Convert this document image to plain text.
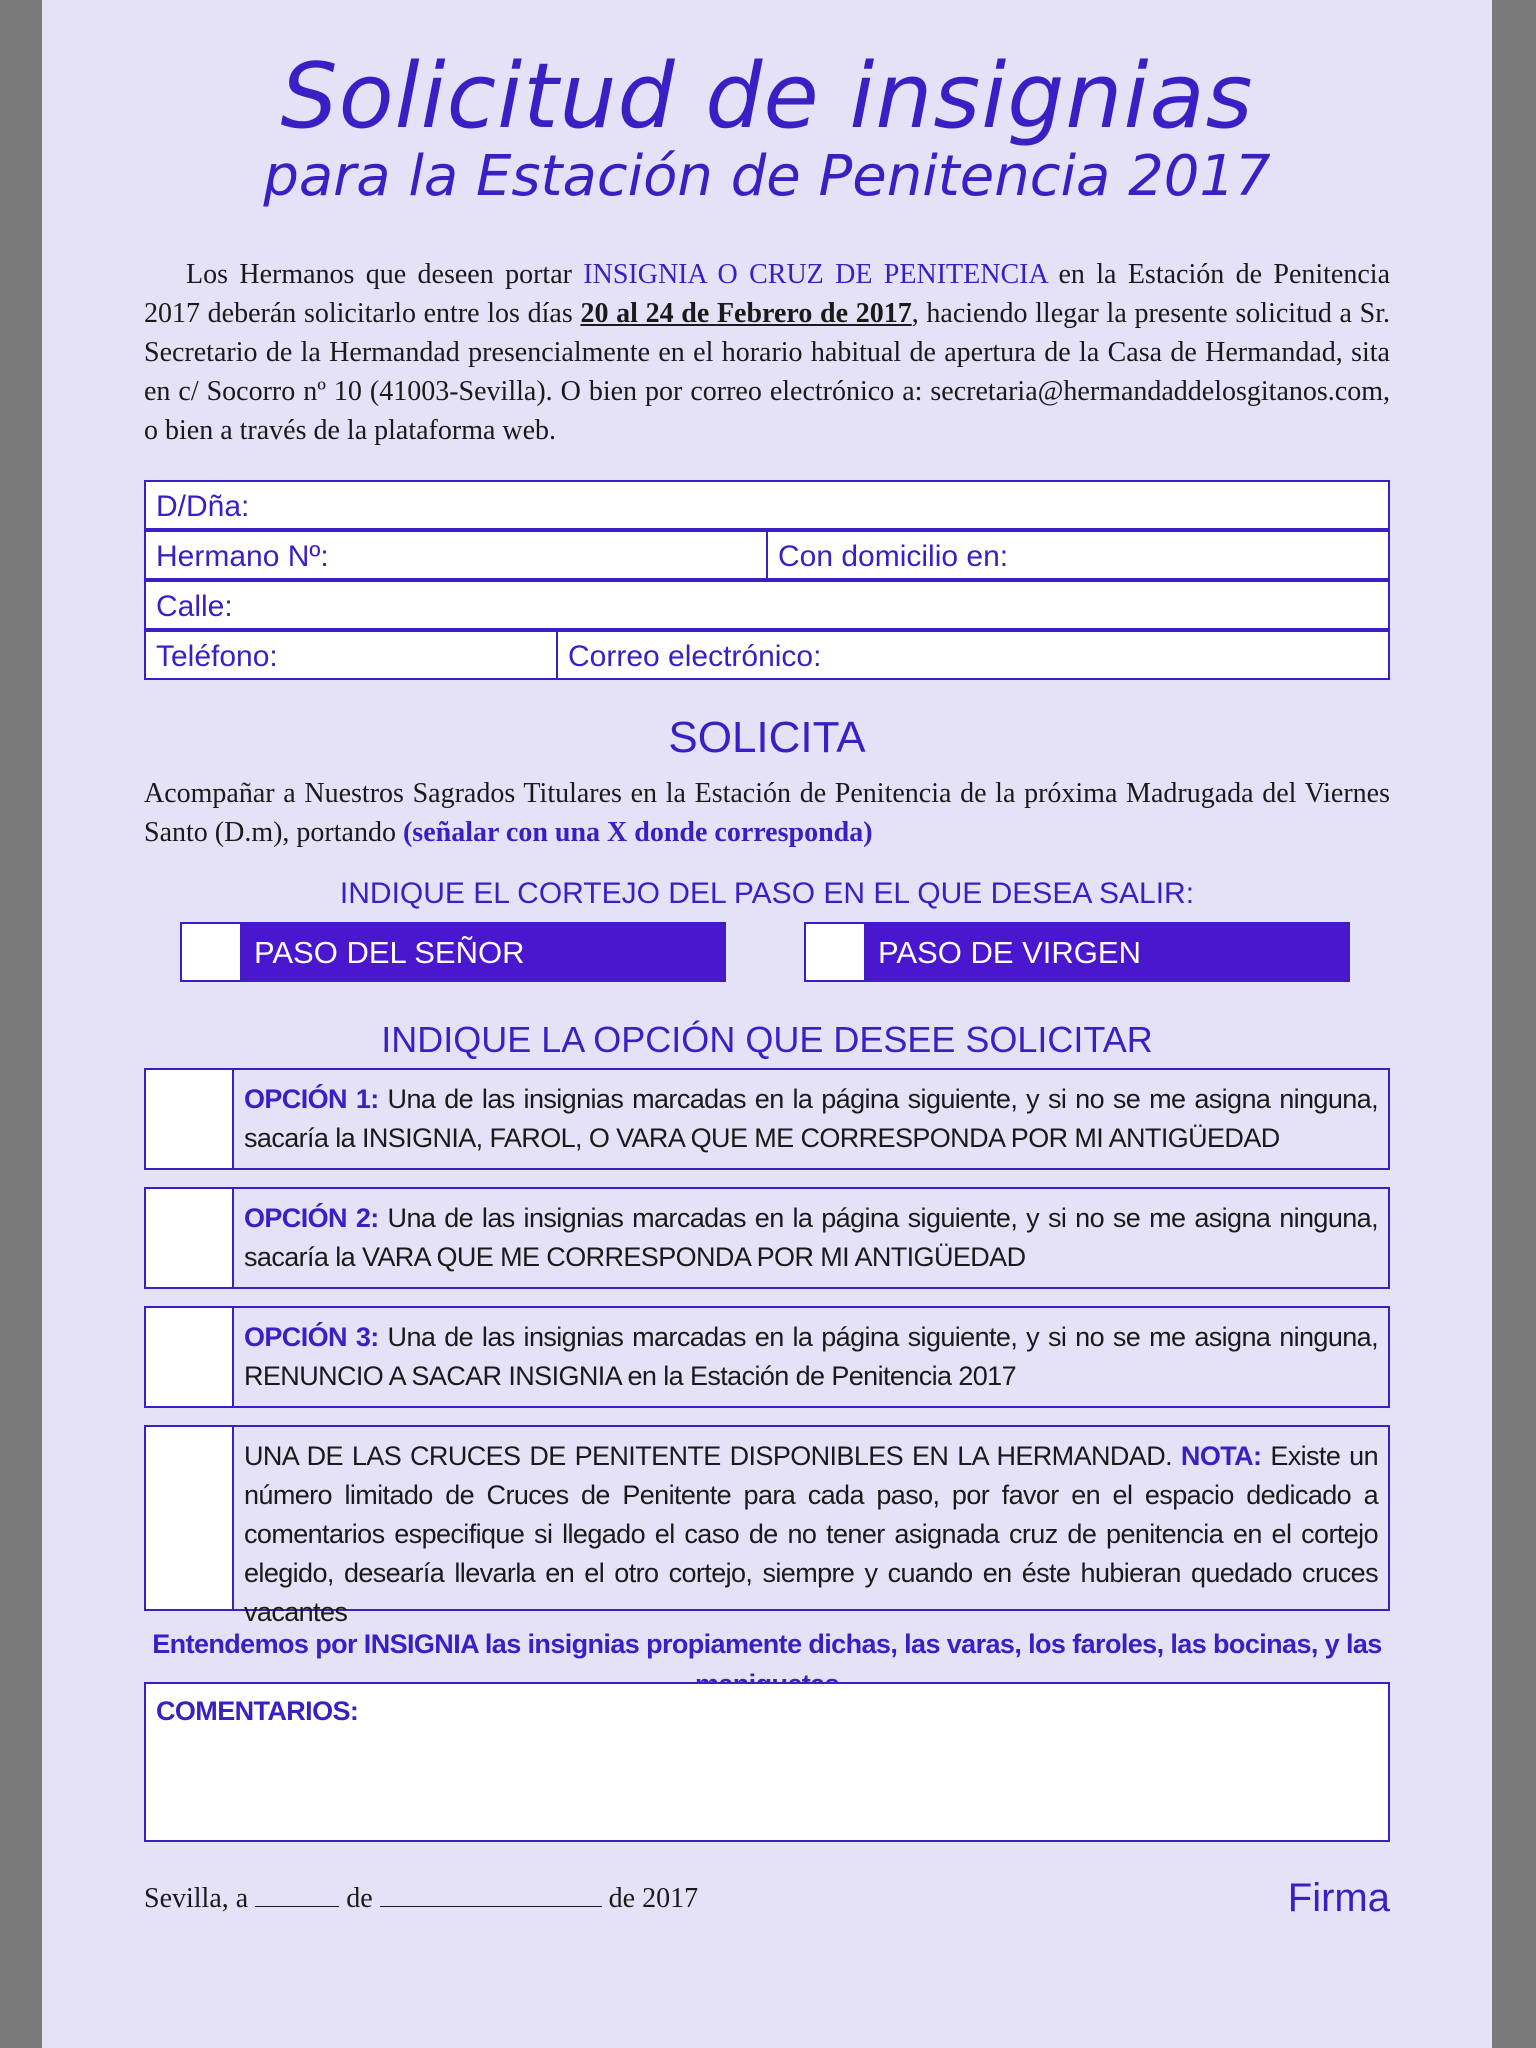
Solicitud de insignias
para la Estación de Penitencia 2017
Los Hermanos que deseen portar INSIGNIA O CRUZ DE PENITENCIA en la Estación de Penitencia 2017 deberán solicitarlo entre los días 20 al 24 de Febrero de 2017, haciendo llegar la presente solicitud a Sr. Secretario de la Hermandad presencialmente en el horario habitual de apertura de la Casa de Hermandad, sita en c/ Socorro nº 10 (41003-Sevilla). O bien por correo electrónico a: secretaria@hermandaddelosgitanos.com, o bien a través de la plataforma web.
D/Dña:
Hermano Nº:	Con domicilio en:
Calle:
Teléfono:	Correo electrónico:
SOLICITA
Acompañar a Nuestros Sagrados Titulares en la Estación de Penitencia de la próxima Madrugada del Viernes Santo (D.m), portando (señalar con una X donde corresponda)
INDIQUE EL CORTEJO DEL PASO EN EL QUE DESEA SALIR:
PASO DEL SEÑOR	PASO DE VIRGEN
INDIQUE LA OPCIÓN QUE DESEE SOLICITAR
OPCIÓN 1: Una de las insignias marcadas en la página siguiente, y si no se me asigna ninguna, sacaría la INSIGNIA, FAROL, O VARA QUE ME CORRESPONDA POR MI ANTIGÜEDAD
OPCIÓN 2: Una de las insignias marcadas en la página siguiente, y si no se me asigna ninguna, sacaría la VARA QUE ME CORRESPONDA POR MI ANTIGÜEDAD
OPCIÓN 3: Una de las insignias marcadas en la página siguiente, y si no se me asigna ninguna, RENUNCIO A SACAR INSIGNIA en la Estación de Penitencia 2017
UNA DE LAS CRUCES DE PENITENTE DISPONIBLES EN LA HERMANDAD. NOTA: Existe un número limitado de Cruces de Penitente para cada paso, por favor en el espacio dedicado a comentarios especifique si llegado el caso de no tener asignada cruz de penitencia en el cortejo elegido, desearía llevarla en el otro cortejo, siempre y cuando en éste hubieran quedado cruces vacantes
Entendemos por INSIGNIA las insignias propiamente dichas, las varas, los faroles, las bocinas, y las
COMENTARIOS:
Sevilla, a	de	de 2017	Firma
